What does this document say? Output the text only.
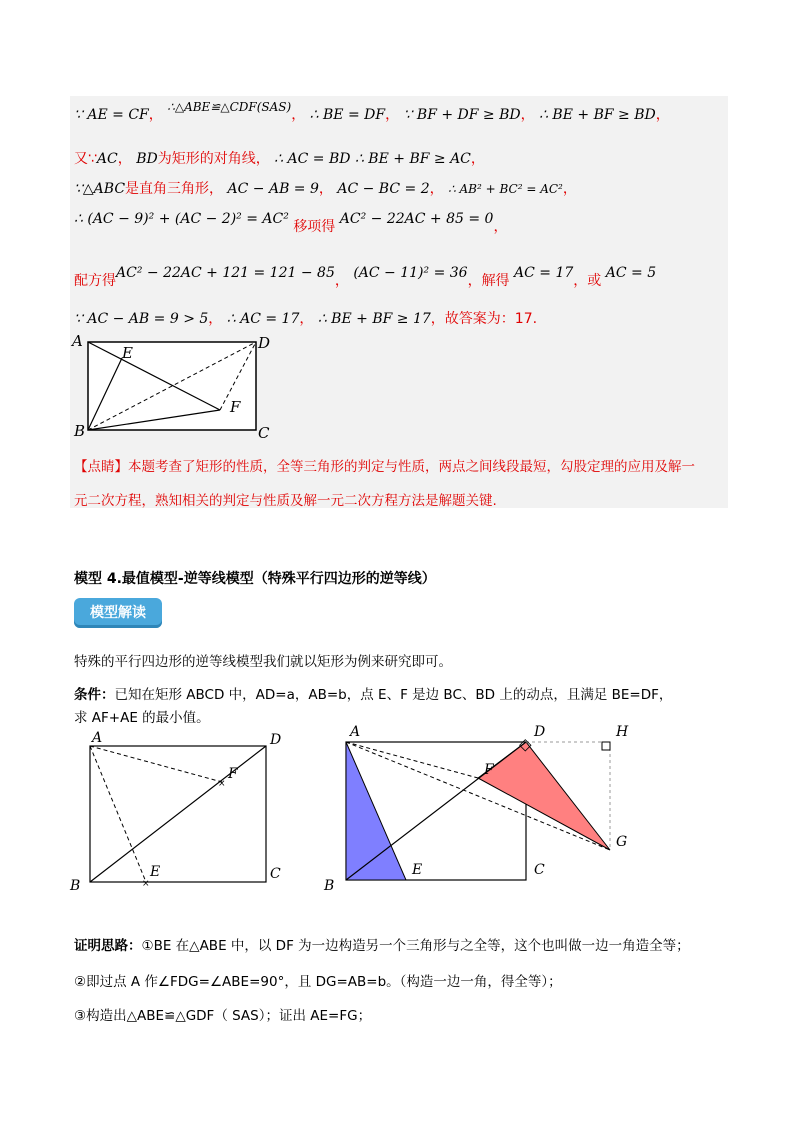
∵ AE = CF， ∴△ABE≌△CDF(SAS)， ∴ BE = DF， ∵ BF + DF ≥ BD， ∴ BE + BF ≥ BD，
又∵AC， BD为矩形的对角线， ∴ AC = BD ∴ BE + BF ≥ AC，
∵△ABC是直角三角形， AC − AB = 9， AC − BC = 2， ∴ AB² + BC² = AC²，
∴ (AC − 9)² + (AC − 2)² = AC² 移项得 AC² − 22AC + 85 = 0，
配方得AC² − 22AC + 121 = 121 − 85， (AC − 11)² = 36，解得 AC = 17，或 AC = 5
∵ AC − AB = 9 > 5， ∴ AC = 17， ∴ BE + BF ≥ 17，故答案为：17.
A
E
D
F
B	C
【点睛】本题考查了矩形的性质，全等三角形的判定与性质，两点之间线段最短，勾股定理的应用及解一
元二次方程，熟知相关的判定与性质及解一元二次方程方法是解题关键.
模型 4.最值模型-逆等线模型（特殊平行四边形的逆等线）
模型解读
特殊的平行四边形的逆等线模型我们就以矩形为例来研究即可。
条件：已知在矩形 ABCD 中，AD=a，AB=b，点 E、F 是边 BC、BD 上的动点，且满足 BE=DF，
求 AF+AE 的最小值。
×
×
A	D
F
B
E	C
A	D	H
F
G
B
E	C
证明思路：①BE 在△ABE 中，以 DF 为一边构造另一个三角形与之全等，这个也叫做一边一角造全等；
②即过点 A 作∠FDG=∠ABE=90°，且 DG=AB=b。（构造一边一角，得全等）；
③构造出△ABE≌△GDF（ SAS）；证出 AE=FG；
